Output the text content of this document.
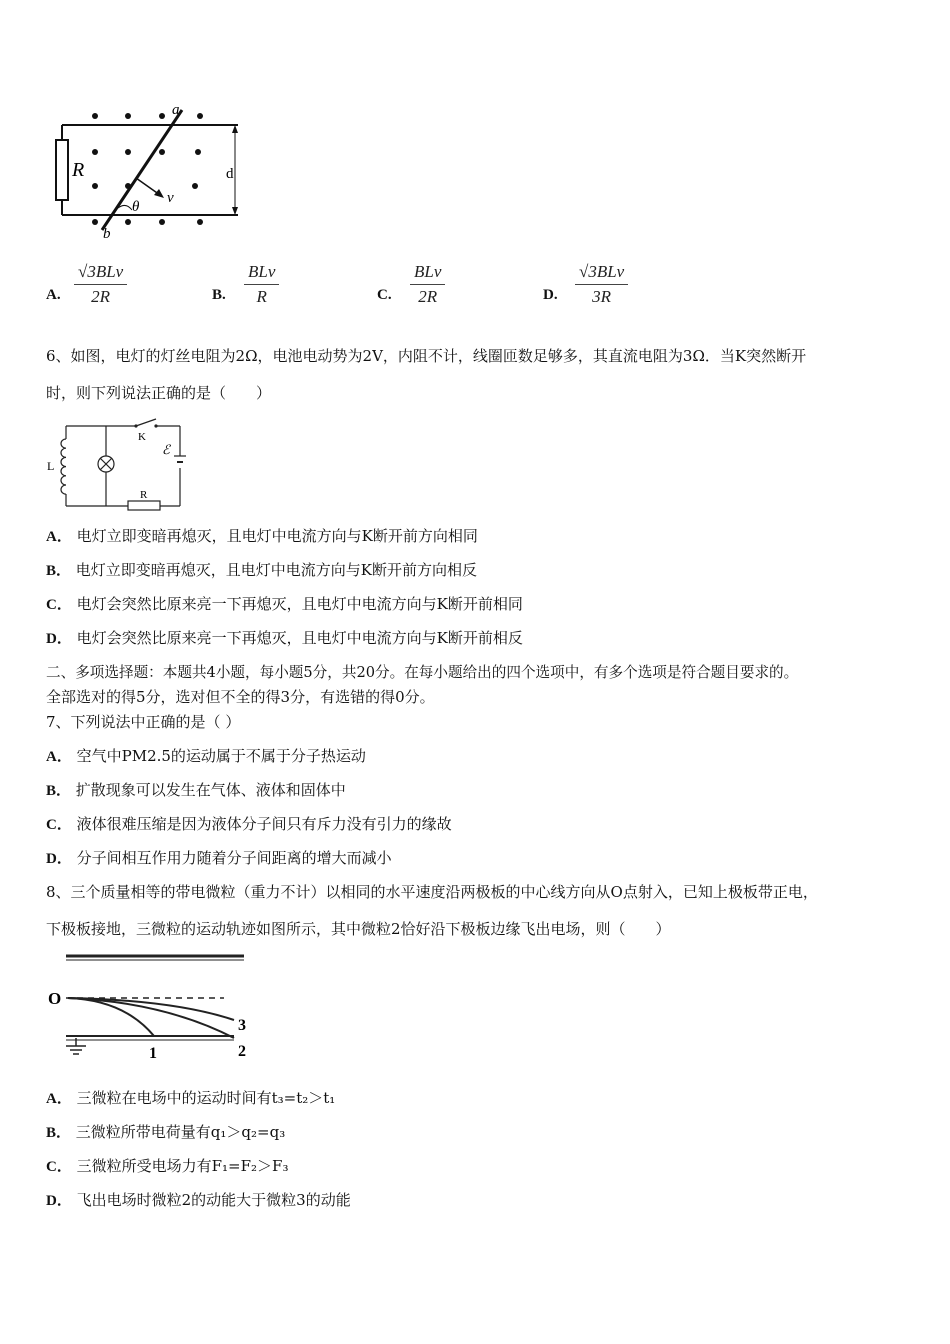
R
a
b
v
θ
d
A.
√3BLv
2R	B.
BLv
R	C.
BLv
2R	D.
√3BLv
3R
6、如图，电灯的灯丝电阻为2Ω，电池电动势为2V，内阻不计，线圈匝数足够多，其直流电阻为3Ω．当K突然断开
时，则下列说法正确的是（　　）
L
K
ℰ
R
A． 电灯立即变暗再熄灭，且电灯中电流方向与K断开前方向相同
B． 电灯立即变暗再熄灭，且电灯中电流方向与K断开前方向相反
C． 电灯会突然比原来亮一下再熄灭，且电灯中电流方向与K断开前相同
D． 电灯会突然比原来亮一下再熄灭，且电灯中电流方向与K断开前相反
二、多项选择题：本题共4小题，每小题5分，共20分。在每小题给出的四个选项中，有多个选项是符合题目要求的。
全部选对的得5分，选对但不全的得3分，有选错的得0分。
7、下列说法中正确的是（ ）
A． 空气中PM2.5的运动属于不属于分子热运动
B． 扩散现象可以发生在气体、液体和固体中
C． 液体很难压缩是因为液体分子间只有斥力没有引力的缘故
D． 分子间相互作用力随着分子间距离的增大而减小
8、三个质量相等的带电微粒（重力不计）以相同的水平速度沿两极板的中心线方向从O点射入，已知上极板带正电，
下极板接地，三微粒的运动轨迹如图所示，其中微粒2恰好沿下极板边缘飞出电场，则（　　）
O
1	2
3
A． 三微粒在电场中的运动时间有t₃=t₂＞t₁
B． 三微粒所带电荷量有q₁＞q₂=q₃
C． 三微粒所受电场力有F₁=F₂＞F₃
D． 飞出电场时微粒2的动能大于微粒3的动能
